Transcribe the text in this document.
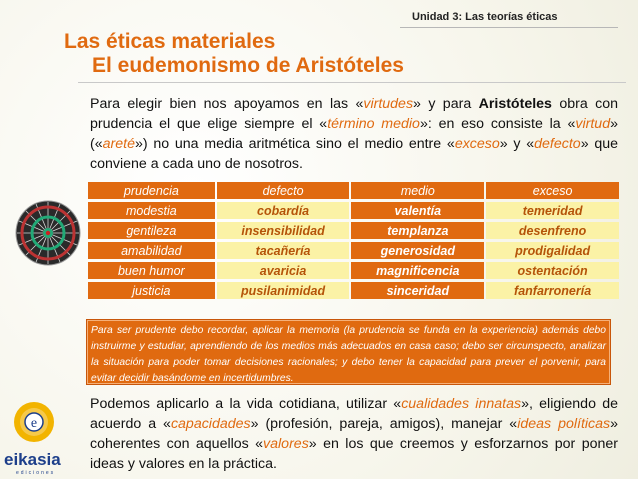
Unidad 3: Las teorías éticas
Las éticas materiales
El eudemonismo de Aristóteles
Para elegir bien nos apoyamos en las «virtudes» y para Aristóteles obra con prudencia el que elige siempre el «término medio»: en eso consiste la «virtud» («areté») no una media aritmética sino el medio entre «exceso» y «defecto» que conviene a cada uno de nosotros.
prudencia	defecto	medio	exceso
modestia	cobardía	valentía	temeridad
gentileza	insensibilidad	templanza	desenfreno
amabilidad	tacañería	generosidad	prodigalidad
buen humor	avaricia	magnificencia	ostentación
justicia	pusilanimidad	sinceridad	fanfarronería
Para ser prudente debo recordar, aplicar la memoria (la prudencia se funda en la experiencia) además debo instruirme y estudiar, aprendiendo de los medios más adecuados en casa caso; debo ser circunspecto, analizar la situación para poder tomar decisiones racionales; y debo tener la capacidad para prever el porvenir, para evitar decidir basándome en incertidumbres.
Podemos aplicarlo a la vida cotidiana, utilizar «cualidades innatas», eligiendo de acuerdo a «capacidades» (profesión, pareja, amigos), manejar «ideas políticas» coherentes con aquellos «valores» en los que creemos y esforzarnos por poner ideas y valores en la práctica.
e
eikasia
ediciones
